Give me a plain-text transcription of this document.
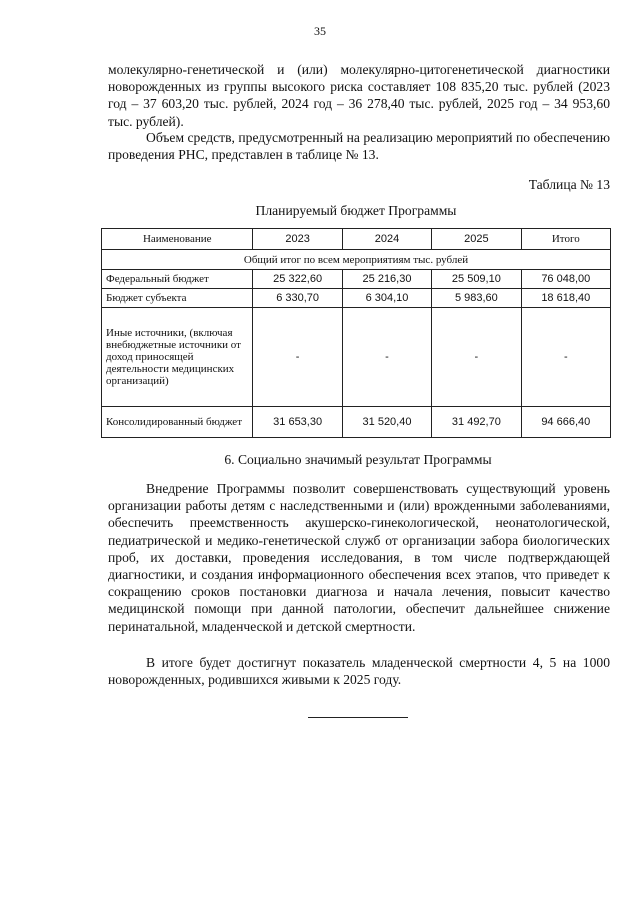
35

молекулярно-генетической и (или) молекулярно-цитогенетической диагностики новорожденных из группы высокого риска составляет 108 835,20 тыс. рублей (2023 год – 37 603,20 тыс. рублей, 2024 год – 36 278,40 тыс. рублей, 2025 год – 34 953,60 тыс. рублей).

Объем средств, предусмотренный на реализацию мероприятий по обеспечению проведения РНС, представлен в таблице № 13.

Таблица № 13
Планируемый бюджет Программы
Наименование	2023	2024	2025	Итого
Общий итог по всем мероприятиям тыс. рублей				
Федеральный бюджет	25 322,60	25 216,30	25 509,10	76 048,00
Бюджет субъекта	6 330,70	6 304,10	5 983,60	18 618,40
Иные источники, (включая внебюджетные источники от доход приносящей деятельности медицинских организаций)	-	-	-	-
Консолидированный бюджет	31 653,30	31 520,40	31 492,70	94 666,40
6. Социально значимый результат Программы

Внедрение Программы позволит совершенствовать существующий уровень организации работы детям с наследственными и (или) врожденными заболеваниями, обеспечить преемственность акушерско-гинекологической, неонатологической, педиатрической и медико-генетической служб от организации забора биологических проб, их доставки, проведения исследования, в том числе подтверждающей диагностики, и создания информационного обеспечения всех этапов, что приведет к сокращению сроков постановки диагноза и начала лечения, повысит качество медицинской помощи при данной патологии, обеспечит дальнейшее снижение перинатальной, младенческой и детской смертности.

В итоге будет достигнут показатель младенческой смертности 4, 5 на 1000 новорожденных, родившихся живыми к 2025 году.
